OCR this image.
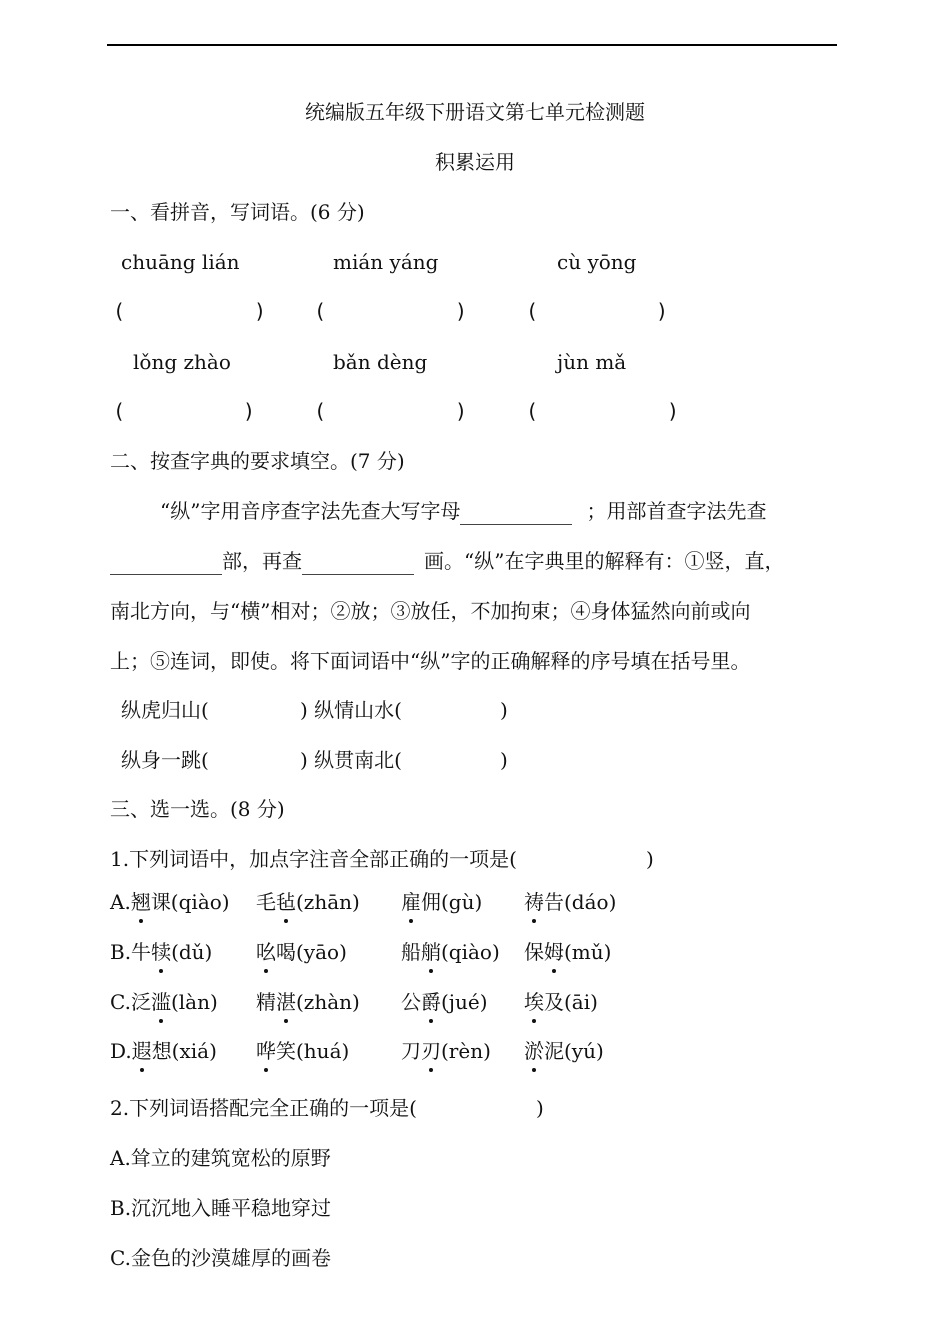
统编版五年级下册语文第七单元检测题
积累运用
一、看拼音，写词语。(6 分)
chuāng lián	mián yáng	cù yōng
(	) (	)	(	)
lǒng zhào	bǎn dèng	jùn mǎ
(	)	(	)	(	)
二、按查字典的要求填空。(7 分)
“纵”字用音序查字法先查大写字母	；用部首查字法先查
部，再查	画。“纵”在字典里的解释有：①竖，直，
南北方向，与“横”相对；②放；③放任，不加拘束；④身体猛然向前或向
上；⑤连词，即使。将下面词语中“纵”字的正确解释的序号填在括号里。
纵虎归山(	) 纵情山水(	)
纵身一跳(	) 纵贯南北(	)
三、选一选。(8 分)
1.下列词语中，加点字注音全部正确的一项是(	)
A.翘课(qiào) 毛毡(zhān) 雇佣(gù) 祷告(dáo)
B.牛犊(dǔ) 吆喝(yāo)	船艄(qiào) 保姆(mǔ)
C.泛滥(làn) 精湛(zhàn) 公爵(jué) 埃及(āi)
D.遐想(xiá) 哗笑(huá)	刀刃(rèn) 淤泥(yú)
2.下列词语搭配完全正确的一项是(	)
A.耸立的建筑宽松的原野
B.沉沉地入睡平稳地穿过
C.金色的沙漠雄厚的画卷
